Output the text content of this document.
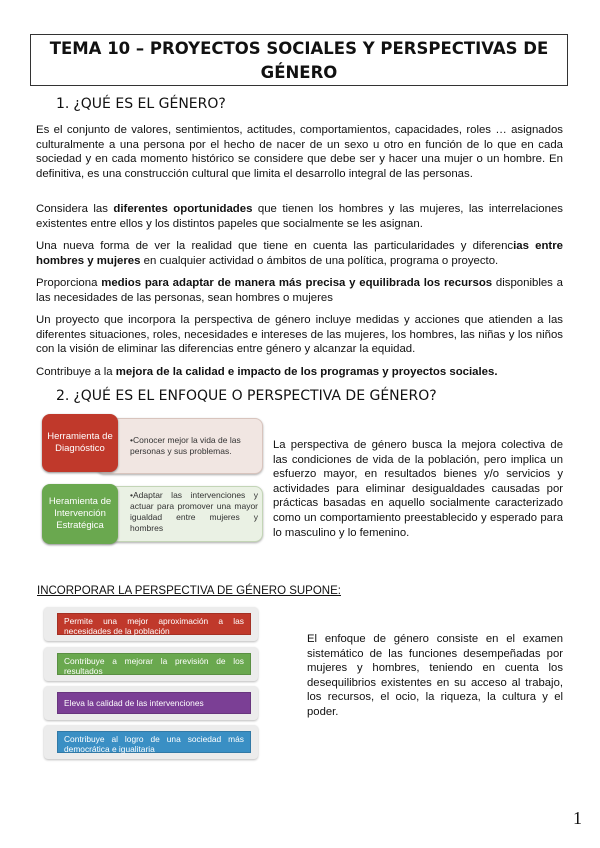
TEMA 10 – PROYECTOS SOCIALES Y PERSPECTIVAS DE GÉNERO
1. ¿QUÉ ES EL GÉNERO?

Es el conjunto de valores, sentimientos, actitudes, comportamientos, capacidades, roles … asignados culturalmente a una persona por el hecho de nacer de un sexo u otro en función de lo que en cada sociedad y en cada momento histórico se considere que debe ser y hacer una mujer o un hombre. En definitiva, es una construcción cultural que limita el desarrollo integral de las personas.

Considera las diferentes oportunidades que tienen los hombres y las mujeres, las interrelaciones existentes entre ellos y los distintos papeles que socialmente se les asignan.

Una nueva forma de ver la realidad que tiene en cuenta las particularidades y diferencias entre hombres y mujeres en cualquier actividad o ámbitos de una política, programa o proyecto.

Proporciona medios para adaptar de manera más precisa y equilibrada los recursos disponibles a las necesidades de las personas, sean hombres o mujeres

Un proyecto que incorpora la perspectiva de género incluye medidas y acciones que atienden a las diferentes situaciones, roles, necesidades e intereses de las mujeres, los hombres, las niñas y los niños con la visión de eliminar las diferencias entre género y alcanzar la equidad.

Contribuye a la mejora de la calidad e impacto de los programas y proyectos sociales.

2. ¿QUÉ ES EL ENFOQUE O PERSPECTIVA DE GÉNERO?
Herramienta de Diagnóstico
•Conocer mejor la vida de las personas y sus problemas.
Heramienta de Intervención Estratégica
•Adaptar las intervenciones y actuar para promover una mayor igualdad entre mujeres y hombres

La perspectiva de género busca la mejora colectiva de las condiciones de vida de la población, pero implica un esfuerzo mayor, en resultados bienes y/o servicios y actividades para eliminar desigualdades causadas por prácticas basadas en aquello socialmente caracterizado como un comportamiento preestablecido y esperado para lo masculino y lo femenino.

INCORPORAR LA PERSPECTIVA DE GÉNERO SUPONE:
Permite una mejor aproximación a las necesidades de la población
Contribuye a mejorar la previsión de los resultados
Eleva la calidad de las intervenciones
Contribuye al logro de una sociedad más democrática e igualitaria

El enfoque de género consiste en el examen sistemático de las funciones desempeñadas por mujeres y hombres, teniendo en cuenta los desequilibrios existentes en su acceso al trabajo, los recursos, el ocio, la riqueza, la cultura y el poder.

1
